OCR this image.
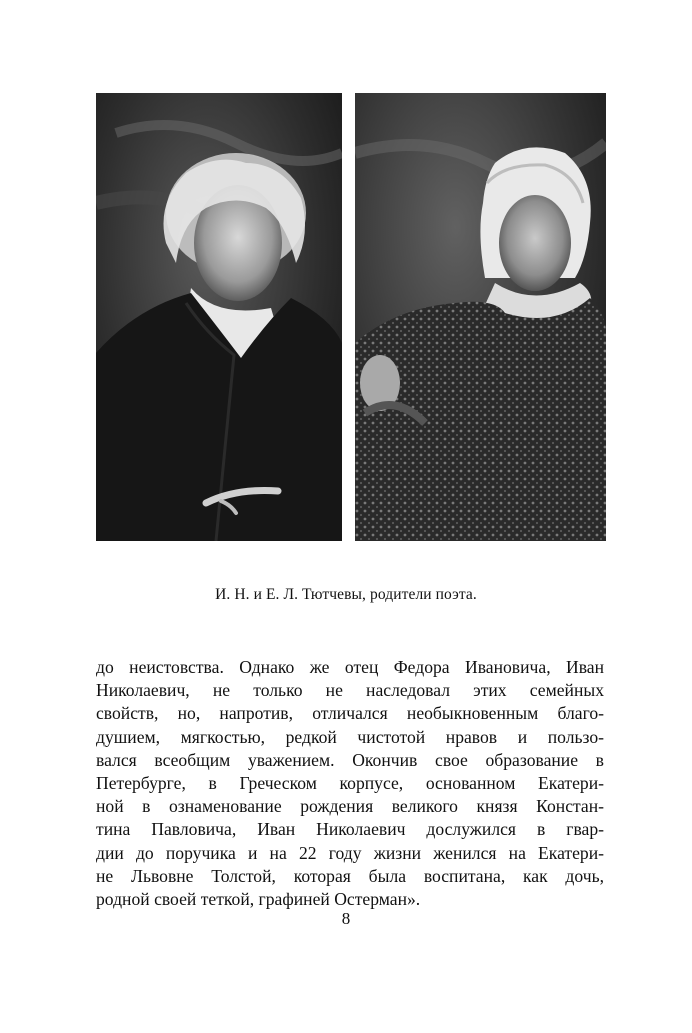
И. Н. и Е. Л. Тютчевы, родители поэта.
до неистовства. Однако же отец Федора Ивановича, Иван
Николаевич, не только не наследовал этих семейных
свойств, но, напротив, отличался необыкновенным благо-
душием, мягкостью, редкой чистотой нравов и пользо-
вался всеобщим уважением. Окончив свое образование в
Петербурге, в Греческом корпусе, основанном Екатери-
ной в ознаменование рождения великого князя Констан-
тина Павловича, Иван Николаевич дослужился в гвар-
дии до поручика и на 22 году жизни женился на Екатери-
не Львовне Толстой, которая была воспитана, как дочь,
родной своей теткой, графиней Остерман».
8
